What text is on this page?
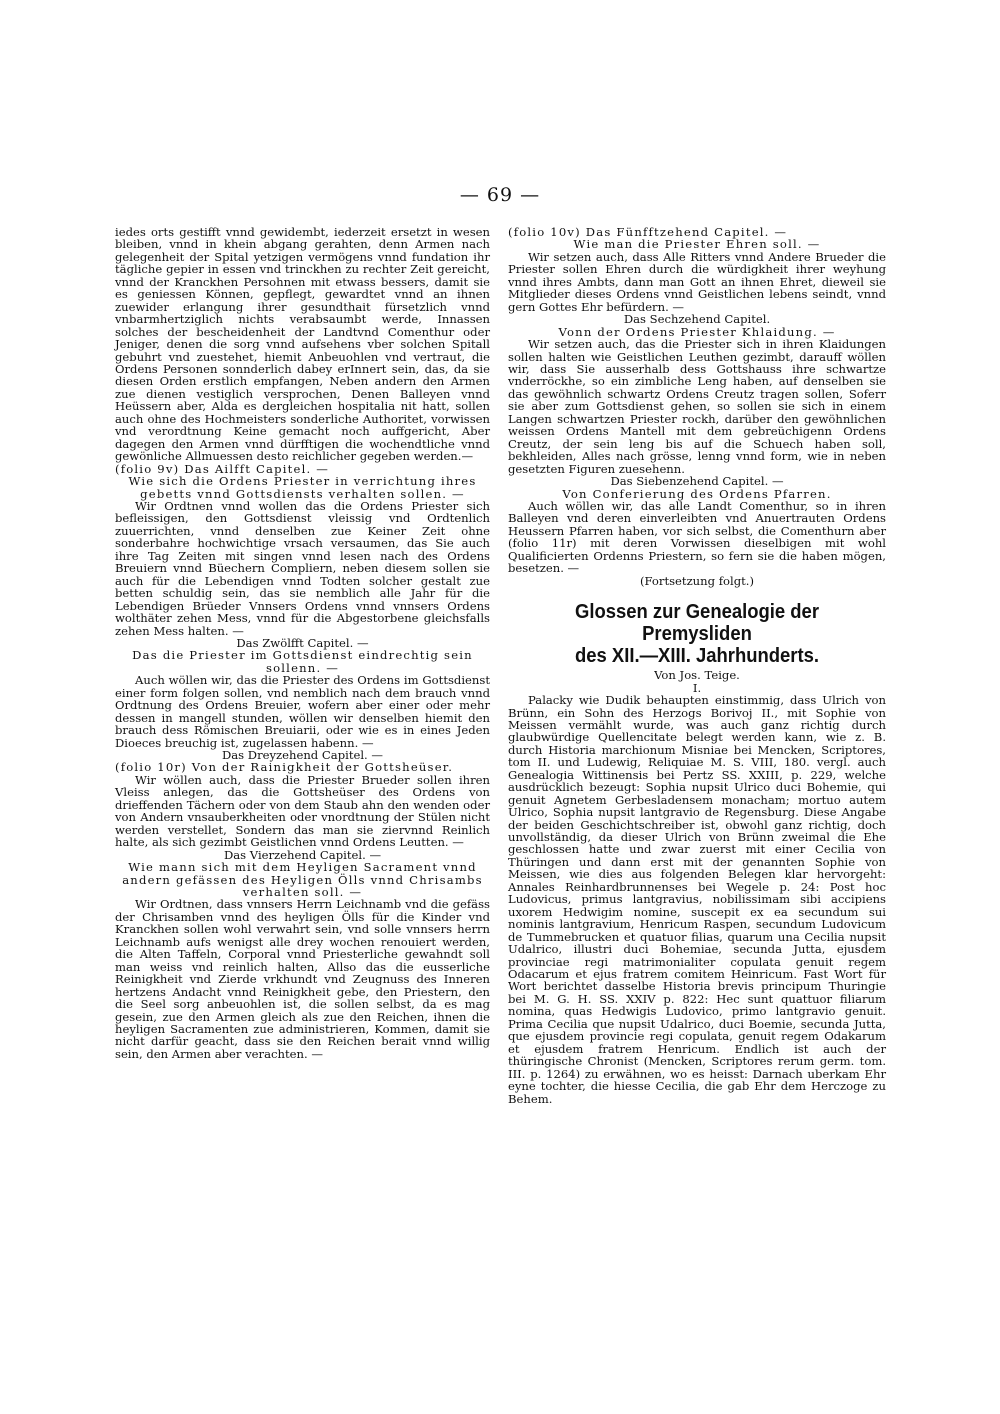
— 69 —

iedes orts gestifft vnnd gewidembt, iederzeit ersetzt in wesen bleiben, vnnd in khein abgang gerahten, denn Armen nach gelegenheit der Spital yetzigen vermögens vnnd fundation ihr tägliche gepier in essen vnd trinckhen zu rechter Zeit gereicht, vnnd der Kranckhen Persohnen mit etwass bessers, damit sie es geniessen Können, gepflegt, gewardtet vnnd an ihnen zuewider erlangung ihrer gesundthait fürsetzlich vnnd vnbarmhertziglich nichts verabsaumbt werde, Innassen solches der bescheidenheit der Landtvnd Comenthur oder Jeniger, denen die sorg vnnd aufsehens vber solchen Spitall gebuhrt vnd zuestehet, hiemit Anbeuohlen vnd vertraut, die Ordens Personen sonnderlich dabey erInnert sein, das, da sie diesen Orden erstlich empfangen, Neben andern den Armen zue dienen vestiglich versprochen, Denen Balleyen vnnd Heüssern aber, Alda es dergleichen hospitalia nit hatt, sollen auch ohne des Hochmeisters sonderliche Authoritet, vorwissen vnd verordtnung Keine gemacht noch auffgericht, Aber dagegen den Armen vnnd dürfftigen die wochendtliche vnnd gewönliche Allmuessen desto reichlicher gegeben werden.—

(folio 9v) Das Ailfft Capitel. —

Wie sich die Ordens Priester in verrichtung ihres gebetts vnnd Gottsdiensts verhalten sollen. —

Wir Ordtnen vnnd wollen das die Ordens Priester sich befleissigen, den Gottsdienst vleissig vnd Ordtenlich zuuerrichten, vnnd denselben zue Keiner Zeit ohne sonderbahre hochwichtige vrsach versaumen, das Sie auch ihre Tag Zeiten mit singen vnnd lesen nach des Ordens Breuiern vnnd Büechern Compliern, neben diesem sollen sie auch für die Lebendigen vnnd Todten solcher gestalt zue betten schuldig sein, das sie nemblich alle Jahr für die Lebendigen Brüeder Vnnsers Ordens vnnd vnnsers Ordens wolthäter zehen Mess, vnnd für die Abgestorbene gleichsfalls zehen Mess halten. —

Das Zwölfft Capitel. —

Das die Priester im Gottsdienst eindrechtig sein sollenn. —

Auch wöllen wir, das die Priester des Ordens im Gottsdienst einer form folgen sollen, vnd nemblich nach dem brauch vnnd Ordtnung des Ordens Breuier, wofern aber einer oder mehr dessen in mangell stunden, wöllen wir denselben hiemit den brauch dess Römischen Breuiarii, oder wie es in eines Jeden Dioeces breuchig ist, zugelassen habenn. —

Das Dreyzehend Capitel. —

(folio 10r) Von der Rainigkheit der Gottsheüser.

Wir wöllen auch, dass die Priester Brueder sollen ihren Vleiss anlegen, das die Gottsheüser des Ordens von drieffenden Tächern oder von dem Staub ahn den wenden oder von Andern vnsauberkheiten oder vnordtnung der Stülen nicht werden verstellet, Sondern das man sie ziervnnd Reinlich halte, als sich gezimbt Geistlichen vnnd Ordens Leutten. —

Das Vierzehend Capitel. —

Wie mann sich mit dem Heyligen Sacrament vnnd andern gefässen des Heyligen Ölls vnnd Chrisambs verhalten soll. —

Wir Ordtnen, dass vnnsers Herrn Leichnamb vnd die gefäss der Chrisamben vnnd des heyligen Ölls für die Kinder vnd Kranckhen sollen wohl verwahrt sein, vnd solle vnnsers herrn Leichnamb aufs wenigst alle drey wochen renouiert werden, die Alten Taffeln, Corporal vnnd Priesterliche gewahndt soll man weiss vnd reinlich halten, Allso das die eusserliche Reinigkheit vnd Zierde vrkhundt vnd Zeugnuss des Inneren hertzens Andacht vnnd Reinigkheit gebe, den Priestern, den die Seel sorg anbeuohlen ist, die sollen selbst, da es mag gesein, zue den Armen gleich als zue den Reichen, ihnen die heyligen Sacramenten zue administrieren, Kommen, damit sie nicht darfür geacht, dass sie den Reichen berait vnnd willig sein, den Armen aber verachten. —

(folio 10v) Das Fünfftzehend Capitel. —

Wie man die Priester Ehren soll. —

Wir setzen auch, dass Alle Ritters vnnd Andere Brueder die Priester sollen Ehren durch die würdigkheit ihrer weyhung vnnd ihres Ambts, dann man Gott an ihnen Ehret, dieweil sie Mitglieder dieses Ordens vnnd Geistlichen lebens seindt, vnnd gern Gottes Ehr befürdern. —

Das Sechzehend Capitel.

Vonn der Ordens Priester Khlaidung. —

Wir setzen auch, das die Priester sich in ihren Klaidungen sollen halten wie Geistlichen Leuthen gezimbt, darauff wöllen wir, dass Sie ausserhalb dess Gottshauss ihre schwartze vnderröckhe, so ein zimbliche Leng haben, auf denselben sie das gewöhnlich schwartz Ordens Creutz tragen sollen, Soferr sie aber zum Gottsdienst gehen, so sollen sie sich in einem Langen schwartzen Priester rockh, darüber den gewöhnlichen weissen Ordens Mantell mit dem gebreüchigenn Ordens Creutz, der sein leng bis auf die Schuech haben soll, bekhleiden, Alles nach grösse, lenng vnnd form, wie in neben gesetzten Figuren zuesehenn.

Das Siebenzehend Capitel. —

Von Conferierung des Ordens Pfarren.

Auch wöllen wir, das alle Landt Comenthur, so in ihren Balleyen vnd deren einverleibten vnd Anuertrauten Ordens Heussern Pfarren haben, vor sich selbst, die Comenthurn aber (folio 11r) mit deren Vorwissen dieselbigen mit wohl Qualificierten Ordenns Priestern, so fern sie die haben mögen, besetzen. —

(Fortsetzung folgt.)

Glossen zur Genealogie der Premysliden
des XII.—XIII. Jahrhunderts.

Von Jos. Teige.

I.

Palacky wie Dudik behaupten einstimmig, dass Ulrich von Brünn, ein Sohn des Herzogs Borivoj II., mit Sophie von Meissen vermählt wurde, was auch ganz richtig durch glaubwürdige Quellencitate belegt werden kann, wie z. B. durch Historia marchionum Misniae bei Mencken, Scriptores, tom II. und Ludewig, Reliquiae M. S. VIII, 180. vergl. auch Genealogia Wittinensis bei Pertz SS. XXIII, p. 229, welche ausdrücklich bezeugt: Sophia nupsit Ulrico duci Bohemie, qui genuit Agnetem Gerbesladensem monacham; mortuo autem Ulrico, Sophia nupsit lantgravio de Regensburg. Diese Angabe der beiden Geschichtschreiber ist, obwohl ganz richtig, doch unvollständig, da dieser Ulrich von Brünn zweimal die Ehe geschlossen hatte und zwar zuerst mit einer Cecilia von Thüringen und dann erst mit der genannten Sophie von Meissen, wie dies aus folgenden Belegen klar hervorgeht: Annales Reinhardbrunnenses bei Wegele p. 24: Post hoc Ludovicus, primus lantgravius, nobilissimam sibi accipiens uxorem Hedwigim nomine, suscepit ex ea secundum sui nominis lantgravium, Henricum Raspen, secundum Ludovicum de Tummebrucken et quatuor filias, quarum una Cecilia nupsit Udalrico, illustri duci Bohemiae, secunda Jutta, ejusdem provinciae regi matrimonialiter copulata genuit regem Odacarum et ejus fratrem comitem Heinricum. Fast Wort für Wort berichtet dasselbe Historia brevis principum Thuringie bei M. G. H. SS. XXIV p. 822: Hec sunt quattuor filiarum nomina, quas Hedwigis Ludovico, primo lantgravio genuit. Prima Cecilia que nupsit Udalrico, duci Boemie, secunda Jutta, que ejusdem provincie regi copulata, genuit regem Odakarum et ejusdem fratrem Henricum. Endlich ist auch der thüringische Chronist (Mencken, Scriptores rerum germ. tom. III. p. 1264) zu erwähnen, wo es heisst: Darnach uberkam Ehr eyne tochter, die hiesse Cecilia, die gab Ehr dem Herczoge zu Behem.
